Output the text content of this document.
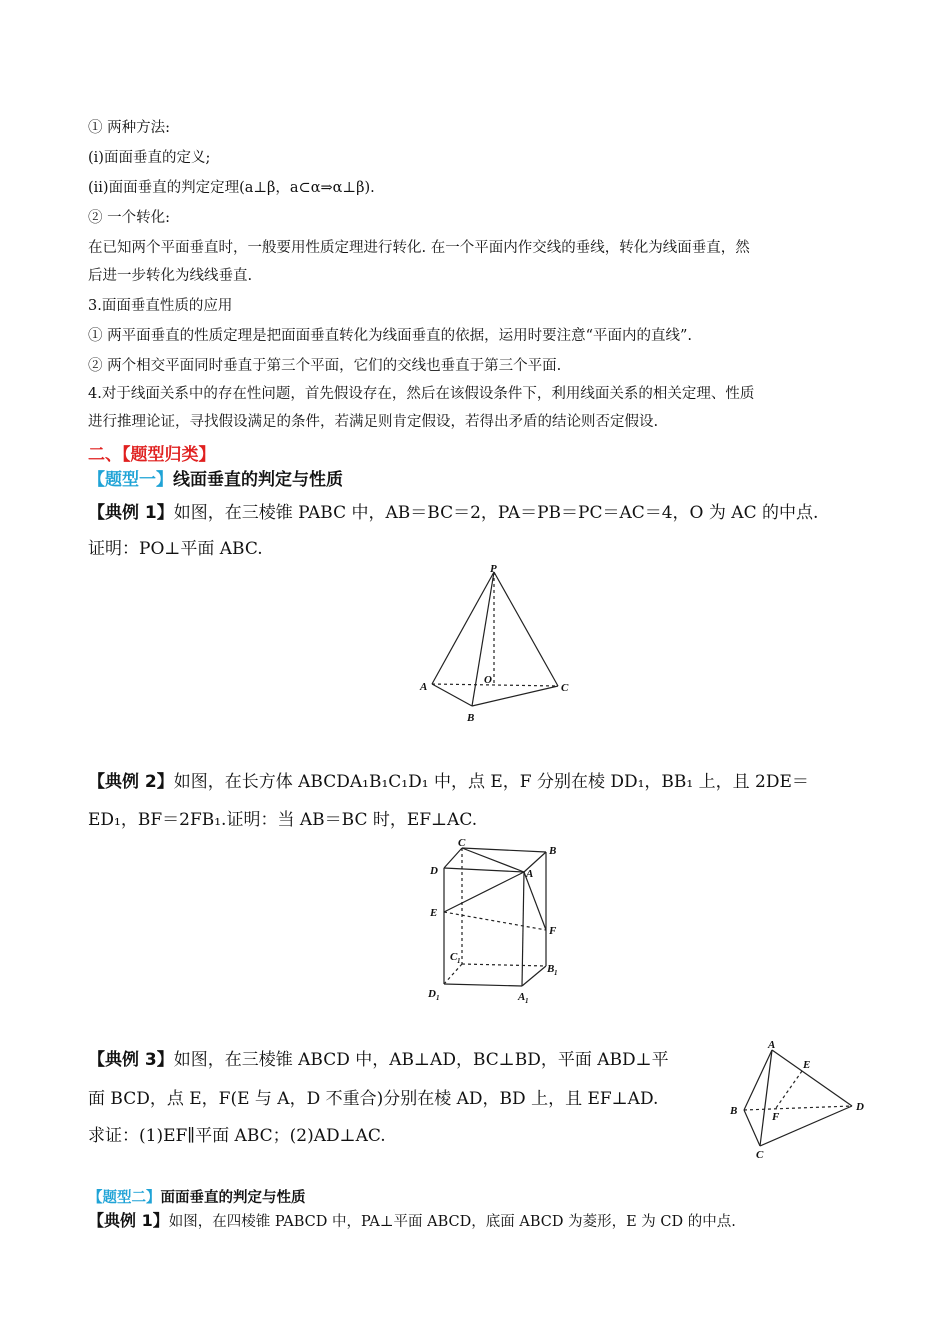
① 两种方法:
(ⅰ)面面垂直的定义;
(ⅱ)面面垂直的判定定理(a⊥β，a⊂α⇒α⊥β).
② 一个转化:
在已知两个平面垂直时，一般要用性质定理进行转化. 在一个平面内作交线的垂线，转化为线面垂直，然
后进一步转化为线线垂直.
3.面面垂直性质的应用
① 两平面垂直的性质定理是把面面垂直转化为线面垂直的依据，运用时要注意“平面内的直线”.
② 两个相交平面同时垂直于第三个平面，它们的交线也垂直于第三个平面.
4.对于线面关系中的存在性问题，首先假设存在，然后在该假设条件下，利用线面关系的相关定理、性质
进行推理论证，寻找假设满足的条件，若满足则肯定假设，若得出矛盾的结论则否定假设.
二、【题型归类】
【题型一】线面垂直的判定与性质
【典例 1】如图，在三棱锥 PABC 中，AB＝BC＝2，PA＝PB＝PC＝AC＝4，O 为 AC 的中点.
证明：PO⊥平面 ABC.
P
A
O
C
B
【典例 2】如图，在长方体 ABCDA₁B₁C₁D₁ 中，点 E，F 分别在棱 DD₁，BB₁ 上，且 2DE＝
ED₁，BF＝2FB₁.证明：当 AB＝BC 时，EF⊥AC.
C
B
D	A
E
F
C 1
B 1
D 1	A 1
【典例 3】如图，在三棱锥 ABCD 中，AB⊥AD，BC⊥BD，平面 ABD⊥平
面 BCD，点 E，F(E 与 A，D 不重合)分别在棱 AD，BD 上，且 EF⊥AD.
求证：(1)EF∥平面 ABC；(2)AD⊥AC.
A
E
B	F
D
C
【题型二】面面垂直的判定与性质
【典例 1】如图，在四棱锥 PABCD 中，PA⊥平面 ABCD，底面 ABCD 为菱形，E 为 CD 的中点.
